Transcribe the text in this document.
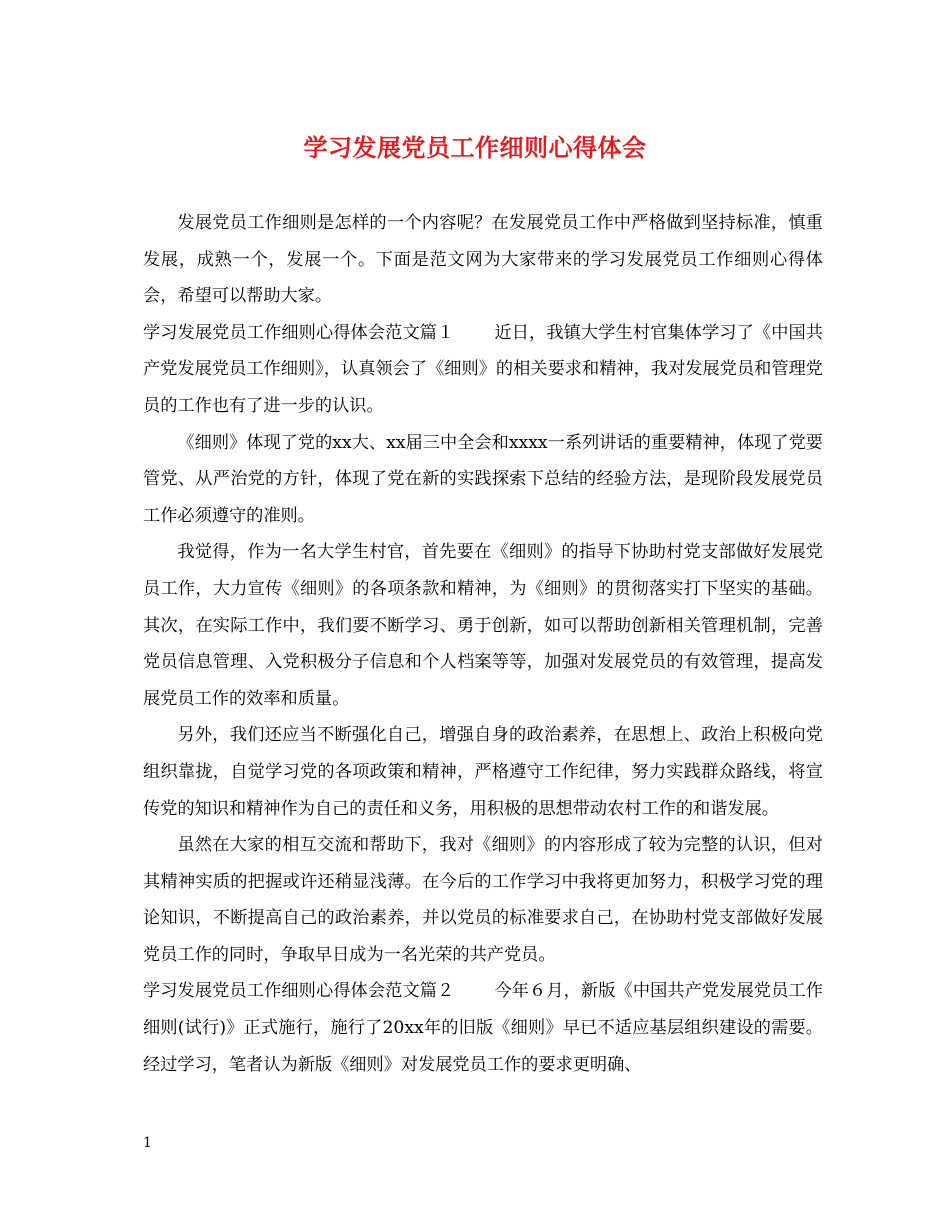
学习发展党员工作细则心得体会

发展党员工作细则是怎样的一个内容呢？在发展党员工作中严格做到坚持标准，慎重发展，成熟一个，发展一个。下面是范文网为大家带来的学习发展党员工作细则心得体会，希望可以帮助大家。

学习发展党员工作细则心得体会范文篇１ 近日，我镇大学生村官集体学习了《中国共产党发展党员工作细则》，认真领会了《细则》的相关要求和精神，我对发展党员和管理党员的工作也有了进一步的认识。

《细则》体现了党的xx大、xx届三中全会和xxxx一系列讲话的重要精神，体现了党要管党、从严治党的方针，体现了党在新的实践探索下总结的经验方法，是现阶段发展党员工作必须遵守的准则。

我觉得，作为一名大学生村官，首先要在《细则》的指导下协助村党支部做好发展党员工作，大力宣传《细则》的各项条款和精神，为《细则》的贯彻落实打下坚实的基础。其次，在实际工作中，我们要不断学习、勇于创新，如可以帮助创新相关管理机制，完善党员信息管理、入党积极分子信息和个人档案等等，加强对发展党员的有效管理，提高发展党员工作的效率和质量。

另外，我们还应当不断强化自己，增强自身的政治素养，在思想上、政治上积极向党组织靠拢，自觉学习党的各项政策和精神，严格遵守工作纪律，努力实践群众路线，将宣传党的知识和精神作为自己的责任和义务，用积极的思想带动农村工作的和谐发展。

虽然在大家的相互交流和帮助下，我对《细则》的内容形成了较为完整的认识，但对其精神实质的把握或许还稍显浅薄。在今后的工作学习中我将更加努力，积极学习党的理论知识，不断提高自己的政治素养，并以党员的标准要求自己，在协助村党支部做好发展党员工作的同时，争取早日成为一名光荣的共产党员。

学习发展党员工作细则心得体会范文篇２ 今年６月，新版《中国共产党发展党员工作细则(试行)》正式施行，施行了20xx年的旧版《细则》早已不适应基层组织建设的需要。经过学习，笔者认为新版《细则》对发展党员工作的要求更明确、

1
